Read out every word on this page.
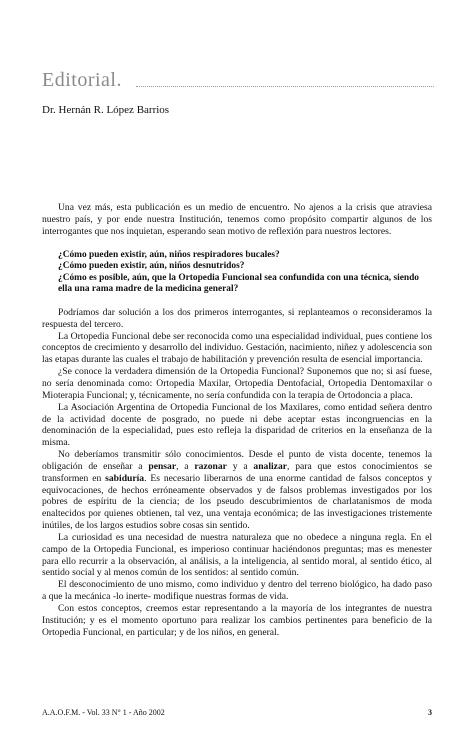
Editorial.
Dr. Hernán R. López Barrios

Una vez más, esta publicación es un medio de encuentro. No ajenos a la crisis que atraviesa nuestro país, y por ende nuestra Institución, tenemos como propósito compartir algunos de los interrogantes que nos inquietan, esperando sean motivo de reflexión para nuestros lectores.

¿Cómo pueden existir, aún, niños respiradores bucales?
¿Cómo pueden existir, aún, niños desnutridos?
¿Cómo es posible, aún, que la Ortopedia Funcional sea confundida con una técnica, siendo ella una rama madre de la medicina general?

Podríamos dar solución a los dos primeros interrogantes, si replanteamos o reconsideramos la respuesta del tercero.

La Ortopedia Funcional debe ser reconocida como una especialidad individual, pues contiene los conceptos de crecimiento y desarrollo del individuo. Gestación, nacimiento, niñez y adolescencia son las etapas durante las cuales el trabajo de habilitación y prevención resulta de esencial importancia.

¿Se conoce la verdadera dimensión de la Ortopedia Funcional? Suponemos que no; si así fuese, no sería denominada como: Ortopedia Maxilar, Ortopedia Dentofacial, Ortopedia Dentomaxilar o Mioterapia Funcional; y, técnicamente, no sería confundida con la terapia de Ortodoncia a placa.

La Asociación Argentina de Ortopedia Funcional de los Maxilares, como entidad señera dentro de la actividad docente de posgrado, no puede ni debe aceptar estas incongruencias en la denominación de la especialidad, pues esto refleja la disparidad de criterios en la enseñanza de la misma.

No deberíamos transmitir sólo conocimientos. Desde el punto de vista docente, tenemos la obligación de enseñar a pensar, a razonar y a analizar, para que estos conocimientos se transformen en sabiduría. Es necesario liberarnos de una enorme cantidad de falsos conceptos y equivocaciones, de hechos erróneamente observados y de falsos problemas investigados por los pobres de espíritu de la ciencia; de los pseudo descubrimientos de charlatanismos de moda enaltecidos por quienes obtienen, tal vez, una ventaja económica; de las investigaciones tristemente inútiles, de los largos estudios sobre cosas sin sentido.

La curiosidad es una necesidad de nuestra naturaleza que no obedece a ninguna regla. En el campo de la Ortopedia Funcional, es imperioso continuar haciéndonos preguntas; mas es menester para ello recurrir a la observación, al análisis, a la inteligencia, al sentido moral, al sentido ético, al sentido social y al menos común de los sentidos: al sentido común.

El desconocimiento de uno mismo, como individuo y dentro del terreno biológico, ha dado paso a que la mecánica -lo inerte- modifique nuestras formas de vida.

Con estos conceptos, creemos estar representando a la mayoría de los integrantes de nuestra Institución; y es el momento oportuno para realizar los cambios pertinentes para beneficio de la Ortopedia Funcional, en particular; y de los niños, en general.

A.A.O.F.M. - Vol. 33 N° 1 - Año 2002	3
